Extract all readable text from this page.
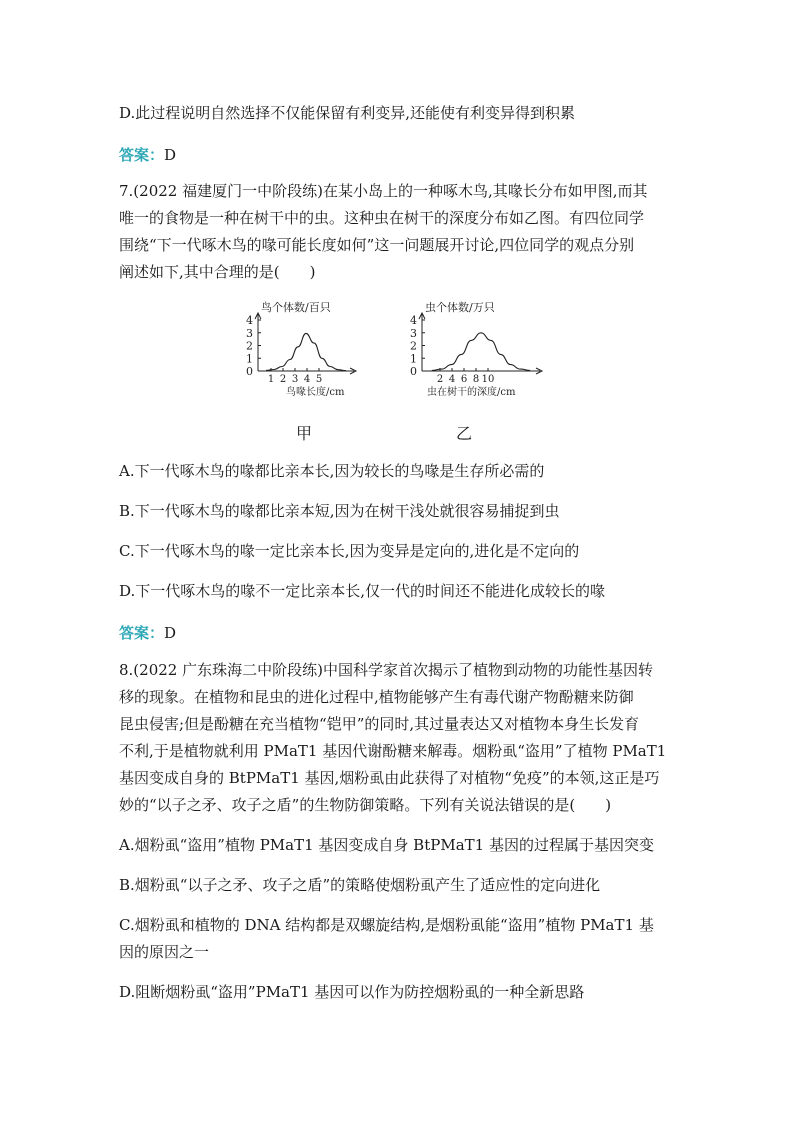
D.此过程说明自然选择不仅能保留有利变异,还能使有利变异得到积累
答案：D
7.(2022 福建厦门一中阶段练)在某小岛上的一种啄木鸟,其喙长分布如甲图,而其
唯一的食物是一种在树干中的虫。这种虫在树干的深度分布如乙图。有四位同学
围绕“下一代啄木鸟的喙可能长度如何”这一问题展开讨论,四位同学的观点分别
阐述如下,其中合理的是(　　)
0
1
2
3
4
1 2 3 4 5
鸟个体数/百只
鸟喙长度/cm
0
1
2
3
4
2 4 6 8 10
虫个体数/万只
虫在树干的深度/cm
甲	乙
A.下一代啄木鸟的喙都比亲本长,因为较长的鸟喙是生存所必需的
B.下一代啄木鸟的喙都比亲本短,因为在树干浅处就很容易捕捉到虫
C.下一代啄木鸟的喙一定比亲本长,因为变异是定向的,进化是不定向的
D.下一代啄木鸟的喙不一定比亲本长,仅一代的时间还不能进化成较长的喙
答案：D
8.(2022 广东珠海二中阶段练)中国科学家首次揭示了植物到动物的功能性基因转
移的现象。在植物和昆虫的进化过程中,植物能够产生有毒代谢产物酚糖来防御
昆虫侵害;但是酚糖在充当植物“铠甲”的同时,其过量表达又对植物本身生长发育
不利,于是植物就利用 PMaT1 基因代谢酚糖来解毒。烟粉虱“盗用”了植物 PMaT1
基因变成自身的 BtPMaT1 基因,烟粉虱由此获得了对植物“免疫”的本领,这正是巧
妙的“以子之矛、攻子之盾”的生物防御策略。下列有关说法错误的是(　　)
A.烟粉虱“盗用”植物 PMaT1 基因变成自身 BtPMaT1 基因的过程属于基因突变
B.烟粉虱“以子之矛、攻子之盾”的策略使烟粉虱产生了适应性的定向进化
C.烟粉虱和植物的 DNA 结构都是双螺旋结构,是烟粉虱能“盗用”植物 PMaT1 基
因的原因之一
D.阻断烟粉虱“盗用”PMaT1 基因可以作为防控烟粉虱的一种全新思路
